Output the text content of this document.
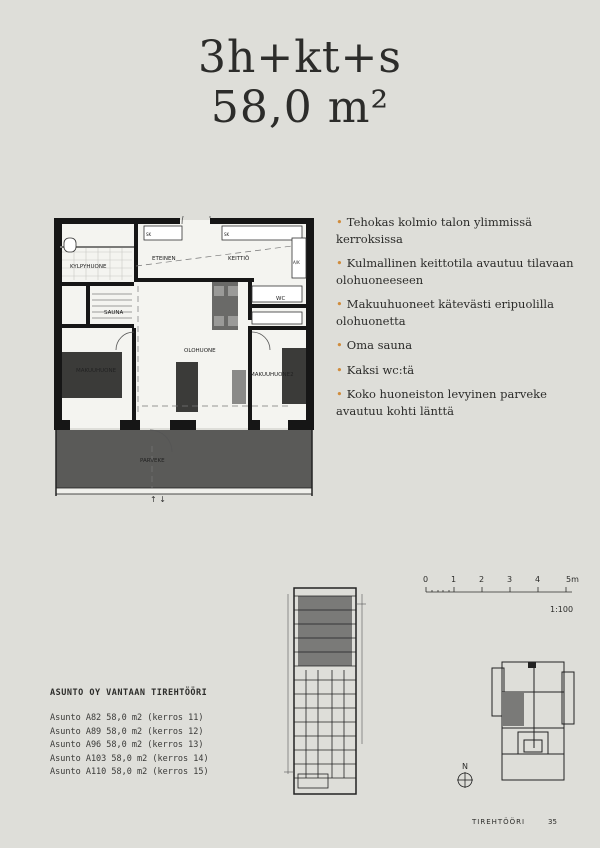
3h+kt+s
58,0 m²
KYLPYHUONE
ETEINEN	KEITTIÖ
SAUNA
WC
OLOHUONE
MAKUUHUONE
MAKUUHUONE2
PARVEKE
SK	SK
A/K
↑ ↓
• Tehokas kolmio talon ylimmissä kerroksissa
• Kulmallinen keittotila avautuu tilavaan olohuoneeseen
• Makuuhuoneet kätevästi eripuolilla olohuonetta
• Oma sauna
• Kaksi wc:tä
• Koko huoneiston levyinen parveke avautuu kohti länttä
0	1	2	3	4	5m
1:100
N
ASUNTO OY VANTAAN TIREHTÖÖRI
Asunto A82 58,0 m2 (kerros 11)
Asunto A89 58,0 m2 (kerros 12)
Asunto A96 58,0 m2 (kerros 13)
Asunto A103 58,0 m2 (kerros 14)
Asunto A110 58,0 m2 (kerros 15)
TIREHTÖÖRI	35
